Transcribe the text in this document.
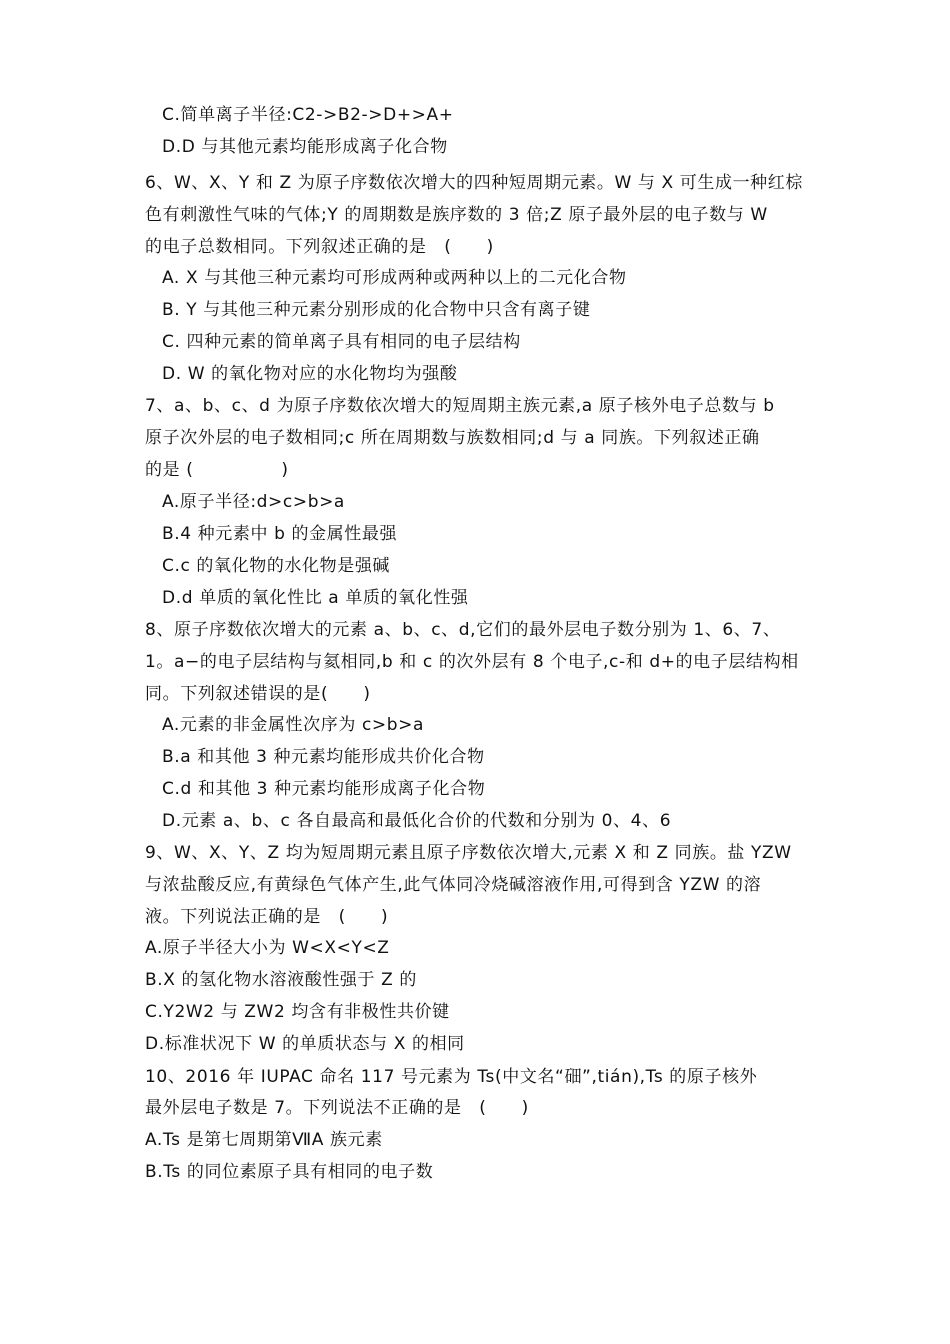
C.简单离子半径:C2->B2->D+>A+
D.D 与其他元素均能形成离子化合物
6、W、X、Y 和 Z 为原子序数依次增大的四种短周期元素。W 与 X 可生成一种红棕
色有刺激性气味的气体;Y 的周期数是族序数的 3 倍;Z 原子最外层的电子数与 W
的电子总数相同。下列叙述正确的是　(　　)
A. X 与其他三种元素均可形成两种或两种以上的二元化合物
B. Y 与其他三种元素分别形成的化合物中只含有离子键
C. 四种元素的简单离子具有相同的电子层结构
D. W 的氧化物对应的水化物均为强酸
7、a、b、c、d 为原子序数依次增大的短周期主族元素,a 原子核外电子总数与 b
原子次外层的电子数相同;c 所在周期数与族数相同;d 与 a 同族。下列叙述正确
的是 (　　　　　)
A.原子半径:d>c>b>a
B.4 种元素中 b 的金属性最强
C.c 的氧化物的水化物是强碱
D.d 单质的氧化性比 a 单质的氧化性强
8、原子序数依次增大的元素 a、b、c、d,它们的最外层电子数分别为 1、6、7、
1。a−的电子层结构与氦相同,b 和 c 的次外层有 8 个电子,c-和 d+的电子层结构相
同。下列叙述错误的是(　　)
A.元素的非金属性次序为 c>b>a
B.a 和其他 3 种元素均能形成共价化合物
C.d 和其他 3 种元素均能形成离子化合物
D.元素 a、b、c 各自最高和最低化合价的代数和分别为 0、4、6
9、W、X、Y、Z 均为短周期元素且原子序数依次增大,元素 X 和 Z 同族。盐 YZW
与浓盐酸反应,有黄绿色气体产生,此气体同冷烧碱溶液作用,可得到含 YZW 的溶
液。下列说法正确的是　(　　)
A.原子半径大小为 W<X<Y<Z
B.X 的氢化物水溶液酸性强于 Z 的
C.Y2W2 与 ZW2 均含有非极性共价键
D.标准状况下 W 的单质状态与 X 的相同
10、2016 年 IUPAC 命名 117 号元素为 Ts(中文名“鿬”,tián),Ts 的原子核外
最外层电子数是 7。下列说法不正确的是　(　　)
A.Ts 是第七周期第ⅦA 族元素
B.Ts 的同位素原子具有相同的电子数
